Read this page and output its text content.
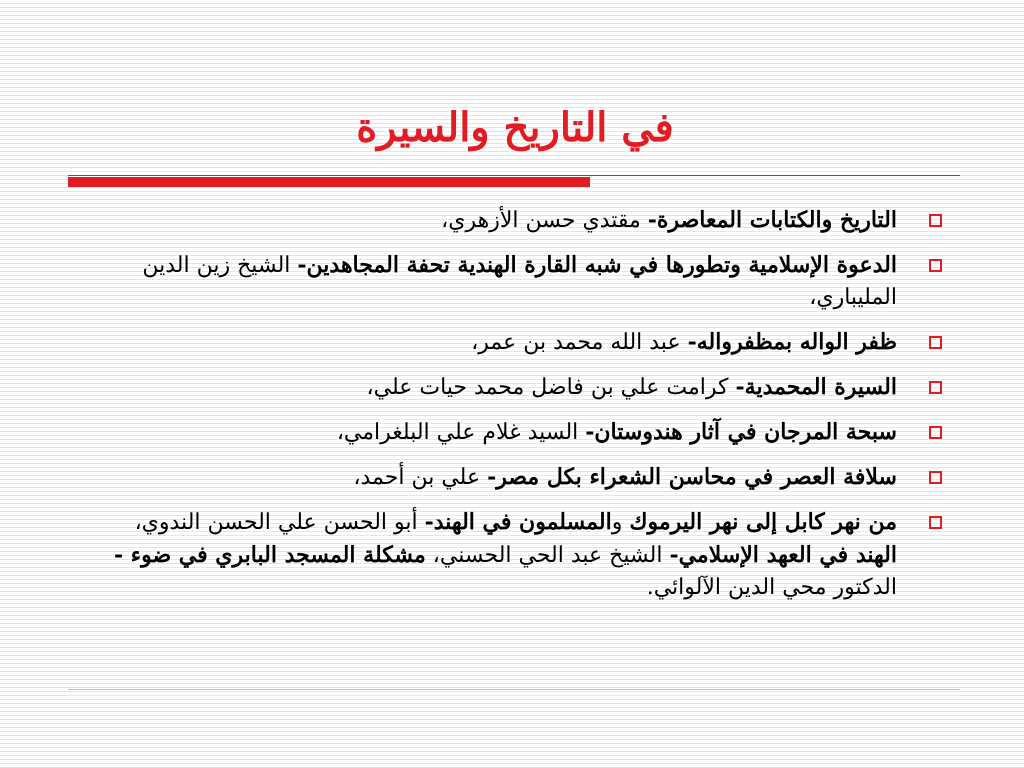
في التاريخ والسيرة
التاريخ والكتابات المعاصرة- مقتدي حسن الأزهري،
الدعوة الإسلامية وتطورها في شبه القارة الهندية تحفة المجاهدين- الشيخ زين الدين المليباري،
ظفر الواله بمظفرواله- عبد الله محمد بن عمر،
السيرة المحمدية- كرامت علي بن فاضل محمد حيات علي،
سبحة المرجان في آثار هندوستان- السيد غلام علي البلغرامي،
سلافة العصر في محاسن الشعراء بكل مصر- علي بن أحمد،
من نهر كابل إلى نهر اليرموك والمسلمون في الهند- أبو الحسن علي الحسن الندوي، الهند في العهد الإسلامي- الشيخ عبد الحي الحسني، مشكلة المسجد البابري في ضوء - الدكتور محي الدين الآلوائي.
